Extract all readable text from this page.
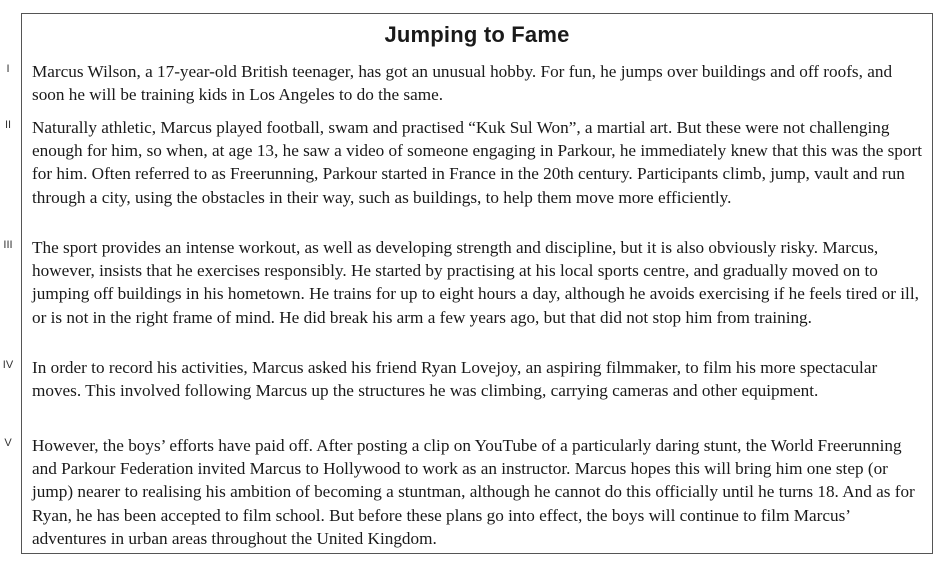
Jumping to Fame
I	Marcus Wilson, a 17-year-old British teenager, has got an unusual hobby. For fun, he jumps over buildings and off roofs, and soon he will be training kids in Los Angeles to do the same.

II Naturally athletic, Marcus played football, swam and practised “Kuk Sul Won”, a martial art. But these were not challenging enough for him, so when, at age 13, he saw a video of someone engaging in Parkour, he immediately knew that this was the sport for him. Often referred to as Freerunning, Parkour started in France in the 20th century. Participants climb, jump, vault and run through a city, using the obstacles in their way, such as buildings, to help them move more efficiently.

III The sport provides an intense workout, as well as developing strength and discipline, but it is also obviously risky. Marcus, however, insists that he exercises responsibly. He started by practising at his local sports centre, and gradually moved on to jumping off buildings in his hometown. He trains for up to eight hours a day, although he avoids exercising if he feels tired or ill, or is not in the right frame of mind. He did break his arm a few years ago, but that did not stop him from training.

IV In order to record his activities, Marcus asked his friend Ryan Lovejoy, an aspiring filmmaker, to film his more spectacular moves. This involved following Marcus up the structures he was climbing, carrying cameras and other equipment.

V However, the boys’ efforts have paid off. After posting a clip on YouTube of a particularly daring stunt, the World Freerunning and Parkour Federation invited Marcus to Hollywood to work as an instructor. Marcus hopes this will bring him one step (or jump) nearer to realising his ambition of becoming a stuntman, although he cannot do this officially until he turns 18. And as for Ryan, he has been accepted to film school. But before these plans go into effect, the boys will continue to film Marcus’ adventures in urban areas throughout the United Kingdom.
